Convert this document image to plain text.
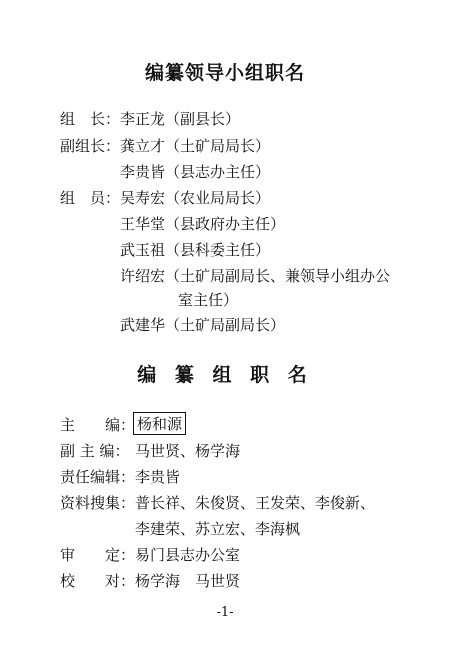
编纂领导小组职名
组　长： 李正龙（副县长）
副组长： 龚立才（土矿局局长）
李贵皆（县志办主任）
组　员： 吴寿宏（农业局局长）
王华堂（县政府办主任）
武玉祖（县科委主任）
许绍宏（土矿局副局长、兼领导小组办公
室主任）
武建华（土矿局副局长）
编 纂 组 职 名
主　　编： 杨和源
副 主 编： 马世贤、杨学海
责任编辑： 李贵皆
资料搜集： 普长祥、朱俊贤、王发荣、李俊新、
李建荣、苏立宏、李海枫
审　　定： 易门县志办公室
校　　对： 杨学海　马世贤
-1-
